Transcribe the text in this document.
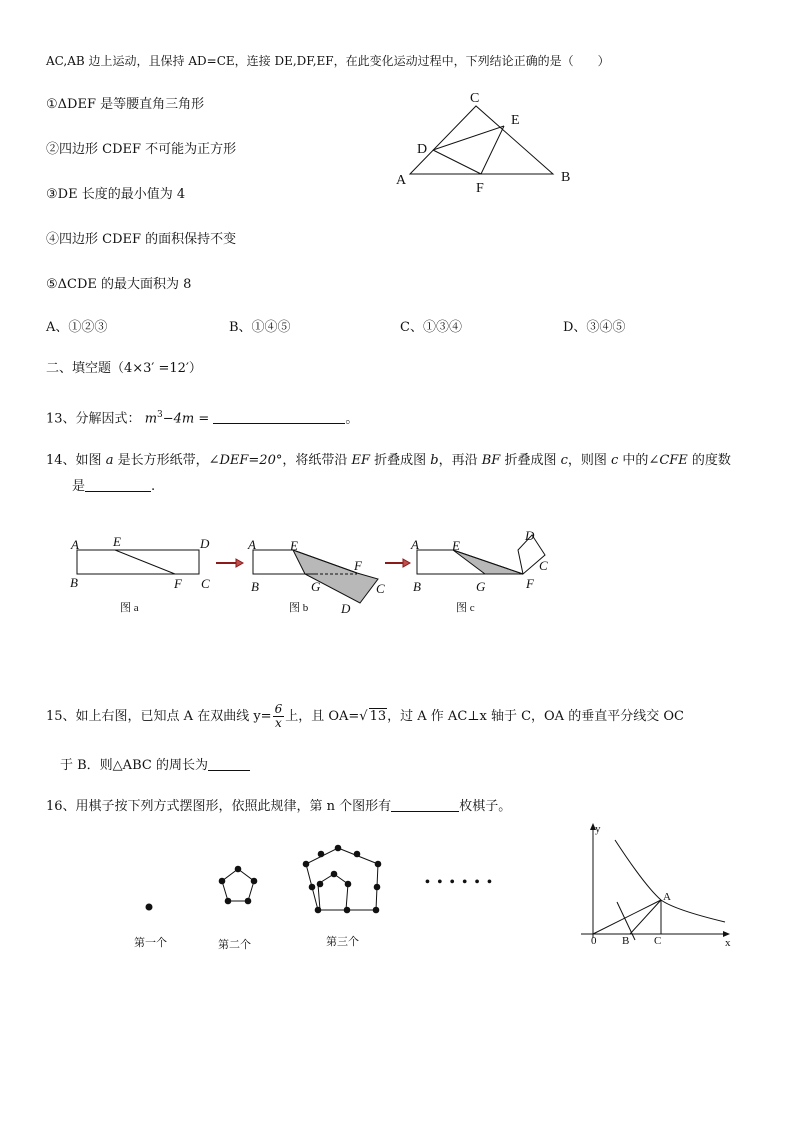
AC,AB 边上运动，且保持 AD=CE，连接 DE,DF,EF，在此变化运动过程中，下列结论正确的是（　　）
①ΔDEF 是等腰直角三角形
②四边形 CDEF 不可能为正方形
③DE 长度的最小值为 4
④四边形 CDEF 的面积保持不变
⑤ΔCDE 的最大面积为 8
A、①②③	B、①④⑤	C、①③④	D、③④⑤
C
E
D
A
F
B
二、填空题（4×3′ =12′）
13、分解因式： $m^3-4m$ =	。
14、如图 a 是长方形纸带，∠DEF=20°，将纸带沿 EF 折叠成图 b，再沿 BF 折叠成图 c，则图 c 中的∠CFE 的度数
是	.
A	E	D
B	F C
A	E
F
B	G	C
D
A	E
D
C
B	G	F
图 a	图 b	图 c
15、如上右图，已知点 A 在双曲线 $y= \frac{6}{x}$ 上，且 OA=√ 13，过 A 作 AC⊥x 轴于 C，OA 的垂直平分线交 OC
于 B．则△ABC 的周长为
16、用棋子按下列方式摆图形，依照此规律，第 n 个图形有	枚棋子。
• • • • • •
第一个	第二个	第三个
y
x
0 B C
A
